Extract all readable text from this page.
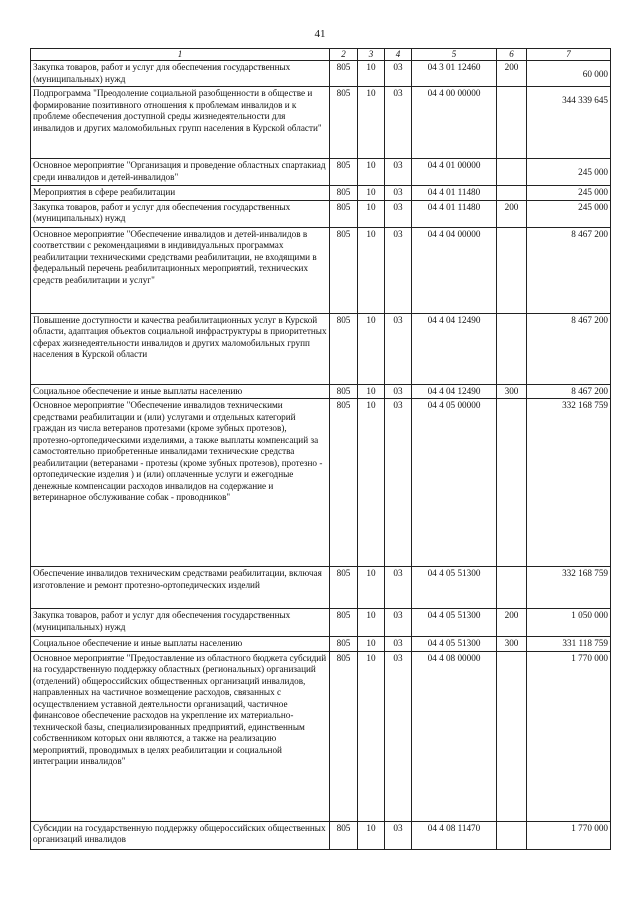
41
1	2	3	4	5	6	7
Закупка товаров, работ и услуг для обеспечения государственных (муниципальных) нужд	805	10	03	04 3 01 12460	200	60 000
Подпрограмма "Преодоление социальной разобщенности в обществе и формирование позитивного отношения к проблемам инвалидов и к проблеме обеспечения доступной среды жизнедеятельности для инвалидов и других маломобильных групп населения в Курской области"	805	10	03	04 4 00 00000		344 339 645
Основное мероприятие "Организация и проведение областных спартакиад среди инвалидов и детей-инвалидов"	805	10	03	04 4 01 00000		245 000
Мероприятия в сфере реабилитации	805	10	03	04 4 01 11480		245 000
Закупка товаров, работ и услуг для обеспечения государственных (муниципальных) нужд	805	10	03	04 4 01 11480	200	245 000
Основное мероприятие "Обеспечение инвалидов и детей-инвалидов в соответствии с рекомендациями в индивидуальных программах реабилитации техническими средствами реабилитации, не входящими в федеральный перечень реабилитационных мероприятий, технических средств реабилитации и услуг"	805	10	03	04 4 04 00000		8 467 200
Повышение доступности и качества реабилитационных услуг в Курской области, адаптация объектов социальной инфраструктуры в приоритетных сферах жизнедеятельности инвалидов и других маломобильных групп населения в Курской области	805	10	03	04 4 04 12490		8 467 200
Социальное обеспечение и иные выплаты населению	805	10	03	04 4 04 12490	300	8 467 200
Основное мероприятие "Обеспечение инвалидов техническими средствами реабилитации и (или) услугами и отдельных категорий граждан из числа ветеранов протезами (кроме зубных протезов), протезно-ортопедическими изделиями, а также выплаты компенсаций за самостоятельно приобретенные инвалидами технические средства реабилитации (ветеранами - протезы (кроме зубных протезов), протезно - ортопедические изделия ) и (или) оплаченные услуги и ежегодные денежные компенсации расходов инвалидов на содержание и ветеринарное обслуживание собак - проводников"	805	10	03	04 4 05 00000		332 168 759
Обеспечение инвалидов техническим средствами реабилитации, включая изготовление и ремонт протезно-ортопедических изделий	805	10	03	04 4 05 51300		332 168 759
Закупка товаров, работ и услуг для обеспечения государственных (муниципальных) нужд	805	10	03	04 4 05 51300	200	1 050 000
Социальное обеспечение и иные выплаты населению	805	10	03	04 4 05 51300	300	331 118 759
Основное мероприятие "Предоставление из областного бюджета субсидий на государственную поддержку областных (региональных) организаций (отделений) общероссийских общественных организаций инвалидов, направленных на частичное возмещение расходов, связанных с осуществлением уставной деятельности организаций, частичное финансовое обеспечение расходов на укрепление их материально-технической базы, специализированных предприятий, единственным собственником которых они являются, а также на реализацию мероприятий, проводимых в целях реабилитации и социальной интеграции инвалидов"	805	10	03	04 4 08 00000		1 770 000
Субсидии на государственную поддержку общероссийских общественных организаций инвалидов	805	10	03	04 4 08 11470		1 770 000
